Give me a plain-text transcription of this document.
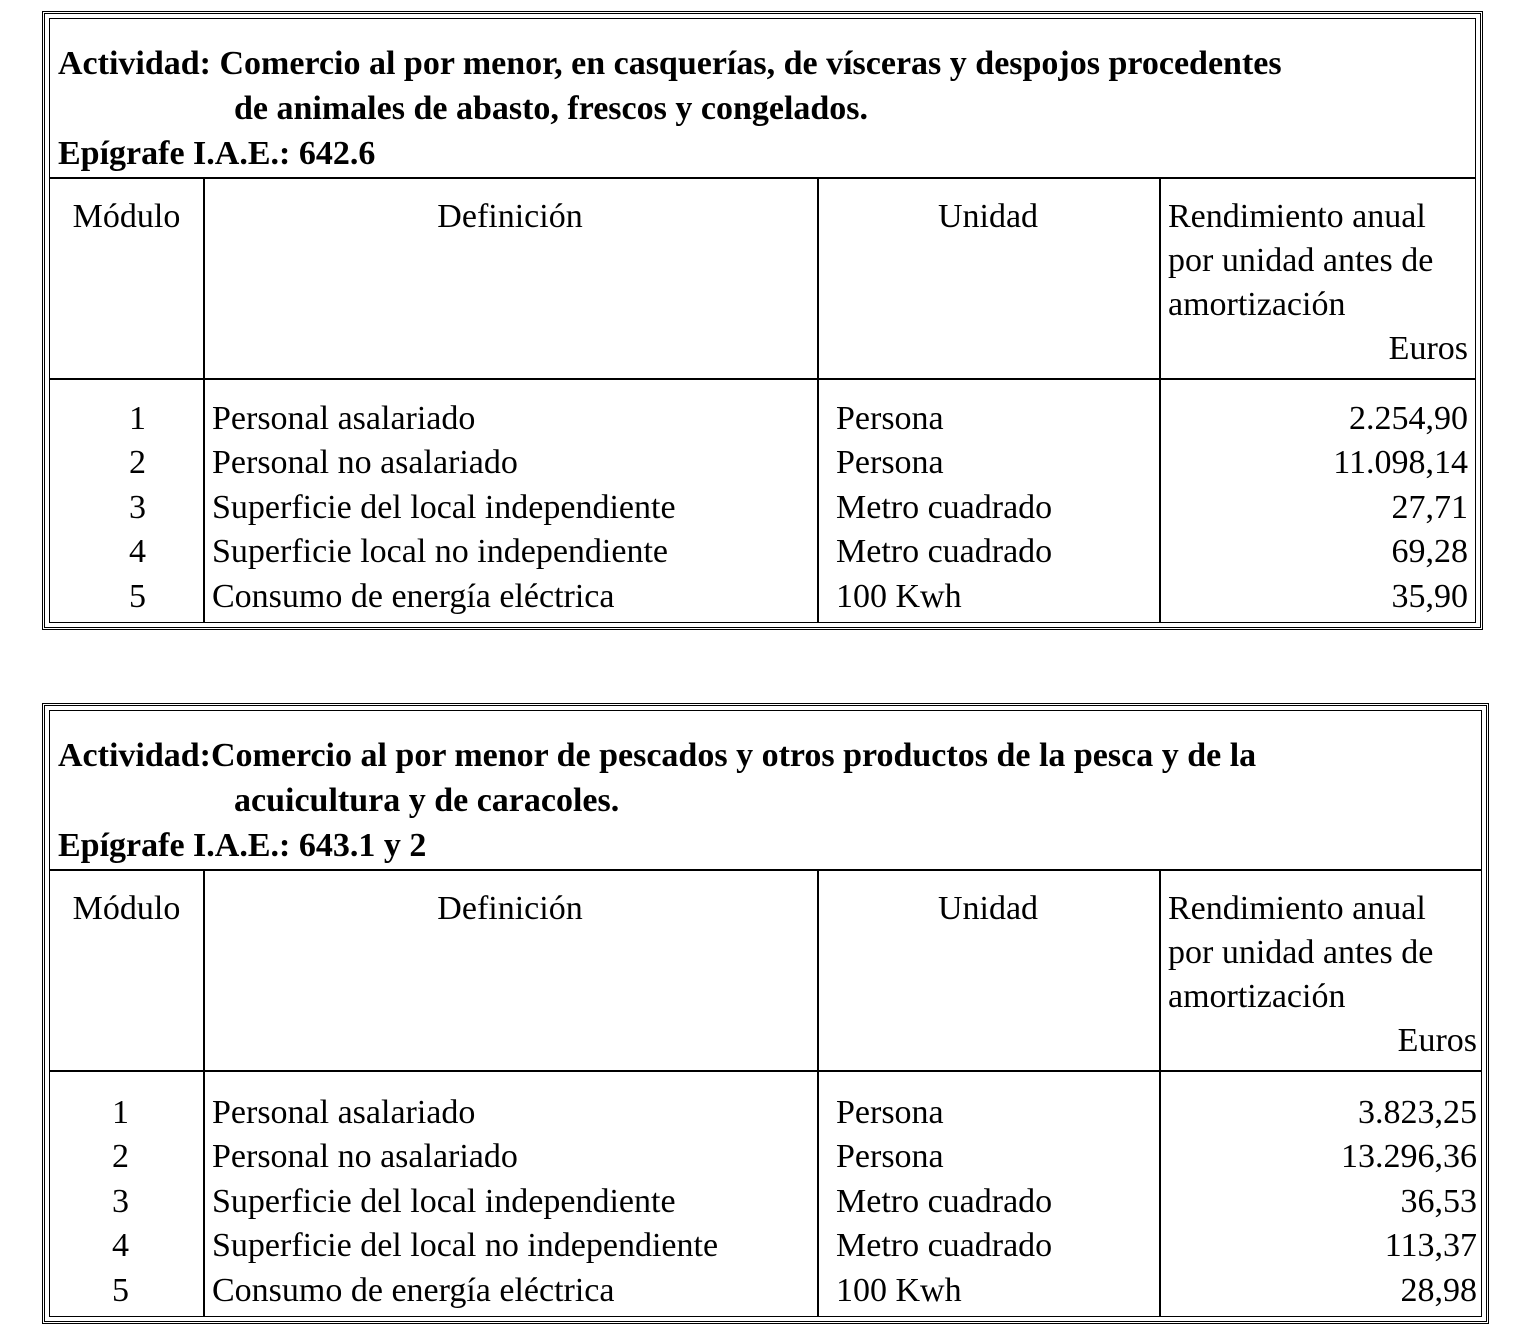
Actividad: Comercio al por menor, en casquerías, de vísceras y despojos procedentes
de animales de abasto, frescos y congelados.
Epígrafe I.A.E.: 642.6
Módulo	Definición	Unidad	Rendimiento anual
por unidad antes de
amortización
Euros
1 Personal asalariado	Persona	2.254,90
2 Personal no asalariado	Persona	11.098,14
3 Superficie del local independiente	Metro cuadrado	27,71
4 Superficie local no independiente	Metro cuadrado	69,28
5 Consumo de energía eléctrica	100 Kwh	35,90
Actividad:Comercio al por menor de pescados y otros productos de la pesca y de la
acuicultura y de caracoles.
Epígrafe I.A.E.: 643.1 y 2
Módulo	Definición	Unidad	Rendimiento anual
por unidad antes de
amortización
Euros
1 Personal asalariado	Persona	3.823,25
2 Personal no asalariado	Persona	13.296,36
3 Superficie del local independiente	Metro cuadrado	36,53
4 Superficie del local no independiente	Metro cuadrado	113,37
5 Consumo de energía eléctrica	100 Kwh	28,98
